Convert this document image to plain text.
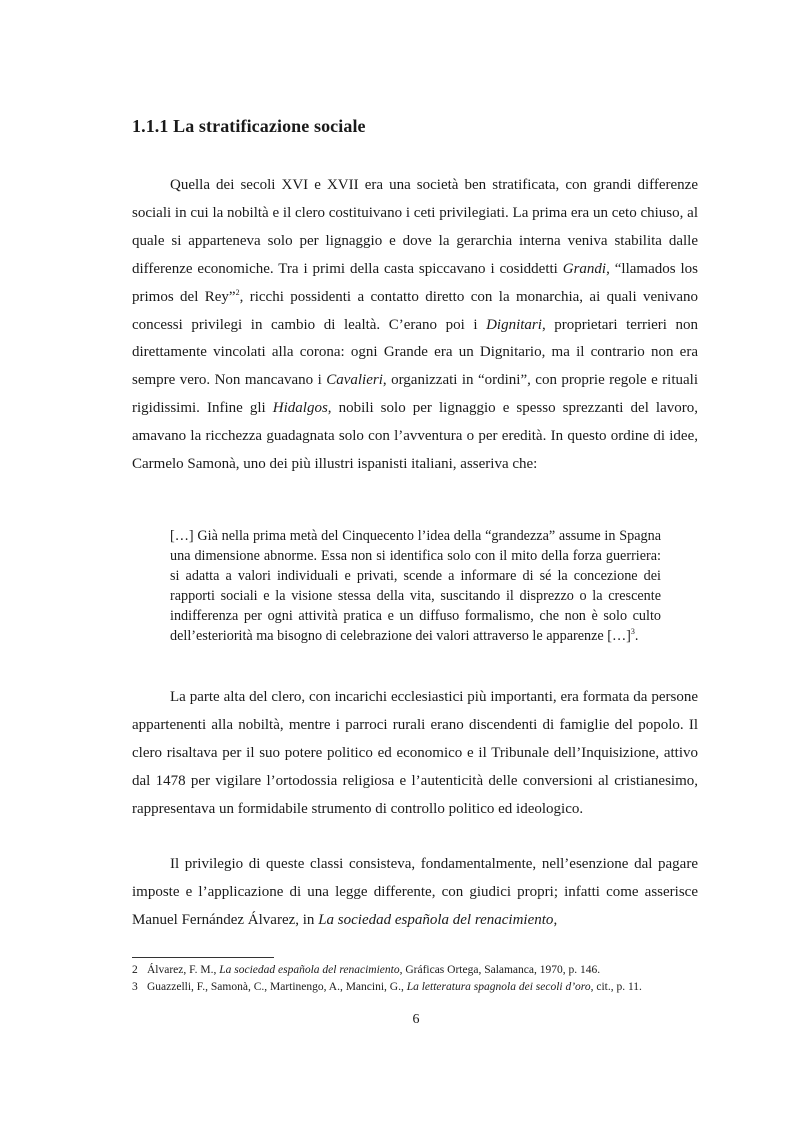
1.1.1 La stratificazione sociale

Quella dei secoli XVI e XVII era una società ben stratificata, con grandi differenze sociali in cui la nobiltà e il clero costituivano i ceti privilegiati. La prima era un ceto chiuso, al quale si apparteneva solo per lignaggio e dove la gerarchia interna veniva stabilita dalle differenze economiche. Tra i primi della casta spiccavano i cosiddetti Grandi, “llamados los primos del Rey”$^2$, ricchi possidenti a contatto diretto con la monarchia, ai quali venivano concessi privilegi in cambio di lealtà. C’erano poi i Dignitari, proprietari terrieri non direttamente vincolati alla corona: ogni Grande era un Dignitario, ma il contrario non era sempre vero. Non mancavano i Cavalieri, organizzati in “ordini”, con proprie regole e rituali rigidissimi. Infine gli Hidalgos, nobili solo per lignaggio e spesso sprezzanti del lavoro, amavano la ricchezza guadagnata solo con l’avventura o per eredità. In questo ordine di idee, Carmelo Samonà, uno dei più illustri ispanisti italiani, asseriva che:

[…] Già nella prima metà del Cinquecento l’idea della “grandezza” assume in Spagna una dimensione abnorme. Essa non si identifica solo con il mito della forza guerriera: si adatta a valori individuali e privati, scende a informare di sé la concezione dei rapporti sociali e la visione stessa della vita, suscitando il disprezzo o la crescente indifferenza per ogni attività pratica e un diffuso formalismo, che non è solo culto dell’esteriorità ma bisogno di celebrazione dei valori attraverso le apparenze […]$^3$.

La parte alta del clero, con incarichi ecclesiastici più importanti, era formata da persone appartenenti alla nobiltà, mentre i parroci rurali erano discendenti di famiglie del popolo. Il clero risaltava per il suo potere politico ed economico e il Tribunale dell’Inquisizione, attivo dal 1478 per vigilare l’ortodossia religiosa e l’autenticità delle conversioni al cristianesimo, rappresentava un formidabile strumento di controllo politico ed ideologico.

Il privilegio di queste classi consisteva, fondamentalmente, nell’esenzione dal pagare imposte e l’applicazione di una legge differente, con giudici propri; infatti come asserisce Manuel Fernández Álvarez, in La sociedad española del renacimiento,

2 Álvarez, F. M., La sociedad española del renacimiento, Gráficas Ortega, Salamanca, 1970, p. 146.
3 Guazzelli, F., Samonà, C., Martinengo, A., Mancini, G., La letteratura spagnola dei secoli d’oro, cit., p. 11.
6
